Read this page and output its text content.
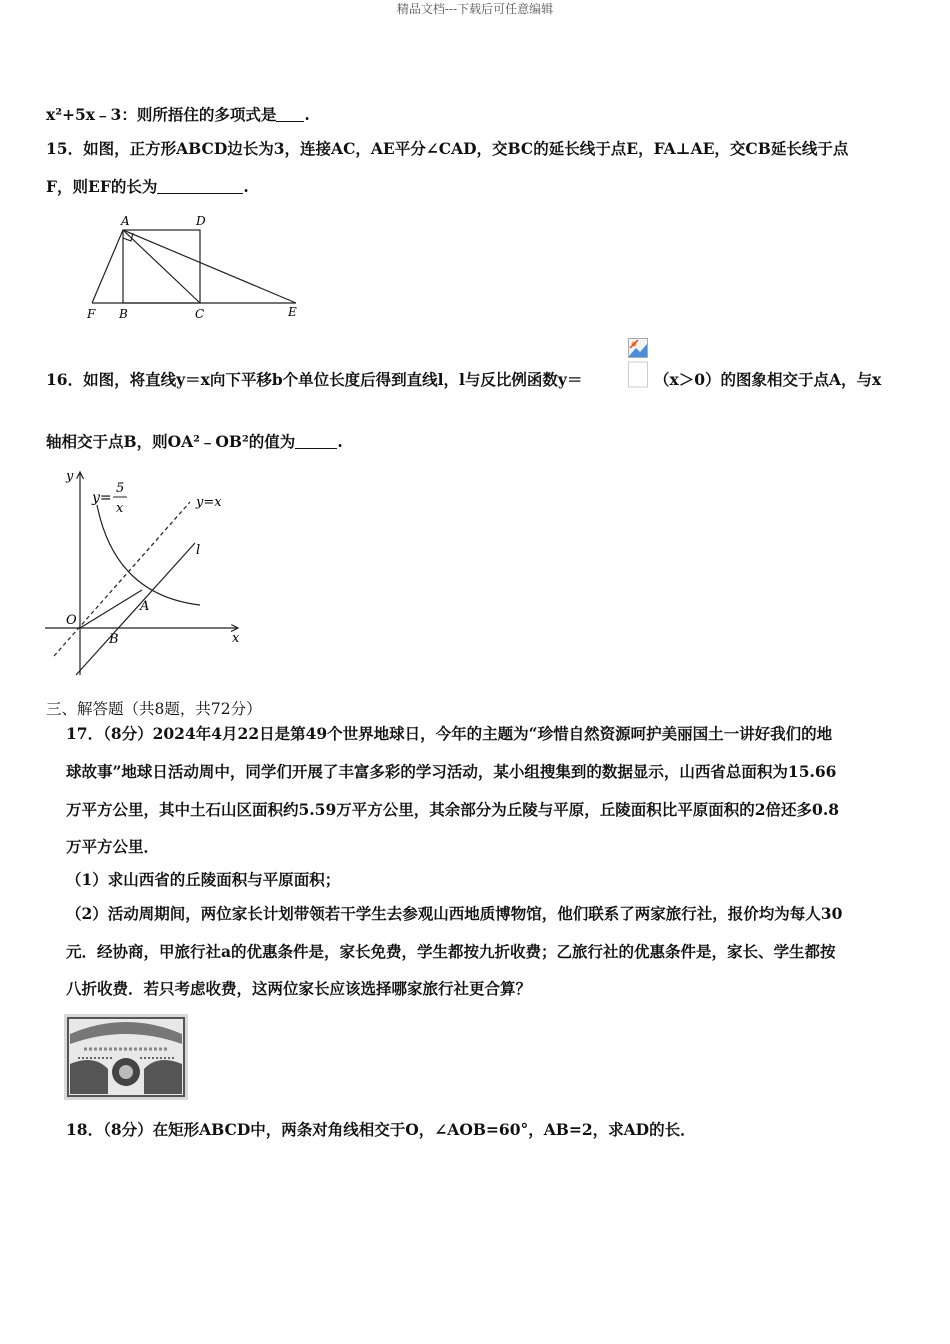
精品文档---下载后可任意编辑
x²+5x﹣3：则所捂住的多项式是 .
15．如图，正方形ABCD边长为3，连接AC，AE平分∠CAD，交BC的延长线于点E，FA⊥AE，交CB延长线于点
F，则EF的长为	.
A	D
F B	C	E
16．如图，将直线y＝x向下平移b个单位长度后得到直线l，l与反比例函数y＝	（x＞0）的图象相交于点A，与x
轴相交于点B，则OA²﹣OB²的值为	.
y
x
O
A
B
l
y=x
y=
5
x
三、解答题（共8题，共72分）
17．（8分）2024年4月22日是第49个世界地球日，今年的主题为“珍惜自然资源呵护美丽国土一讲好我们的地
球故事”地球日活动周中，同学们开展了丰富多彩的学习活动，某小组搜集到的数据显示，山西省总面积为15.66
万平方公里，其中土石山区面积约5.59万平方公里，其余部分为丘陵与平原，丘陵面积比平原面积的2倍还多0.8
万平方公里．
（1）求山西省的丘陵面积与平原面积；
（2）活动周期间，两位家长计划带领若干学生去参观山西地质博物馆，他们联系了两家旅行社，报价均为每人30
元．经协商，甲旅行社a的优惠条件是，家长免费，学生都按九折收费；乙旅行社的优惠条件是，家长、学生都按
八折收费．若只考虑收费，这两位家长应该选择哪家旅行社更合算？
18．（8分）在矩形ABCD中，两条对角线相交于O，∠AOB=60°，AB=2，求AD的长．
